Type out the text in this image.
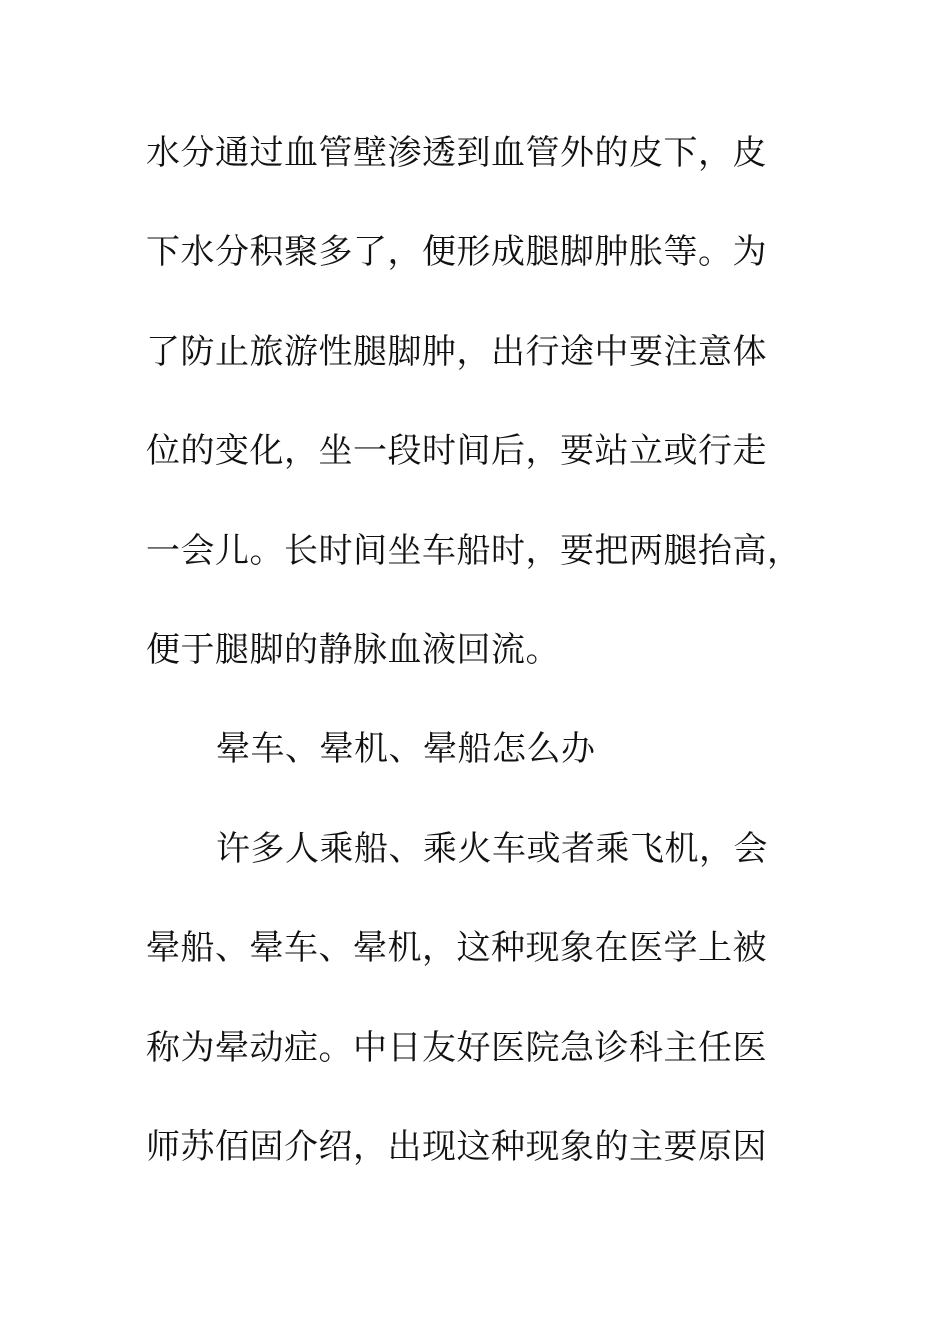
水分通过血管壁渗透到血管外的皮下，皮
下水分积聚多了，便形成腿脚肿胀等。为
了防止旅游性腿脚肿，出行途中要注意体
位的变化，坐一段时间后，要站立或行走
一会儿。长时间坐车船时，要把两腿抬高，
便于腿脚的静脉血液回流。
晕车、晕机、晕船怎么办
许多人乘船、乘火车或者乘飞机，会
晕船、晕车、晕机，这种现象在医学上被
称为晕动症。中日友好医院急诊科主任医
师苏佰固介绍，出现这种现象的主要原因
